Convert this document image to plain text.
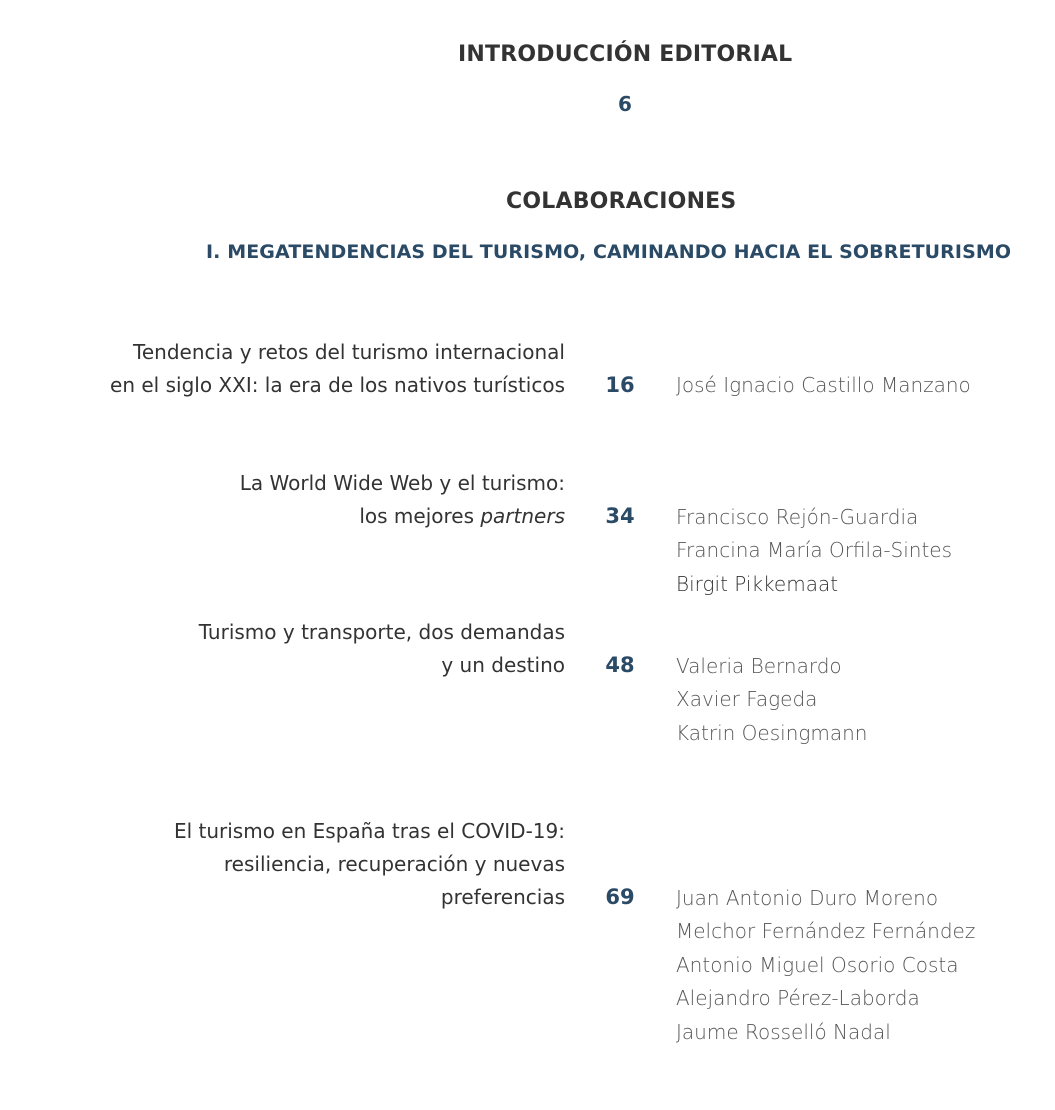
INTRODUCCIÓN EDITORIAL
6
COLABORACIONES
I. MEGATENDENCIAS DEL TURISMO, CAMINANDO HACIA EL SOBRETURISMO
Tendencia y retos del turismo internacional
en el siglo XXI: la era de los nativos turísticos 16 José Ignacio Castillo Manzano
La World Wide Web y el turismo:
los mejores partners 34 Francisco Rejón-Guardia
Francina María Orfila-Sintes
Birgit Pikkemaat
Turismo y transporte, dos demandas
y un destino 48 Valeria Bernardo
Xavier Fageda
Katrin Oesingmann
El turismo en España tras el COVID-19:
resiliencia, recuperación y nuevas
preferencias 69 Juan Antonio Duro Moreno
Melchor Fernández Fernández
Antonio Miguel Osorio Costa
Alejandro Pérez-Laborda
Jaume Rosselló Nadal
